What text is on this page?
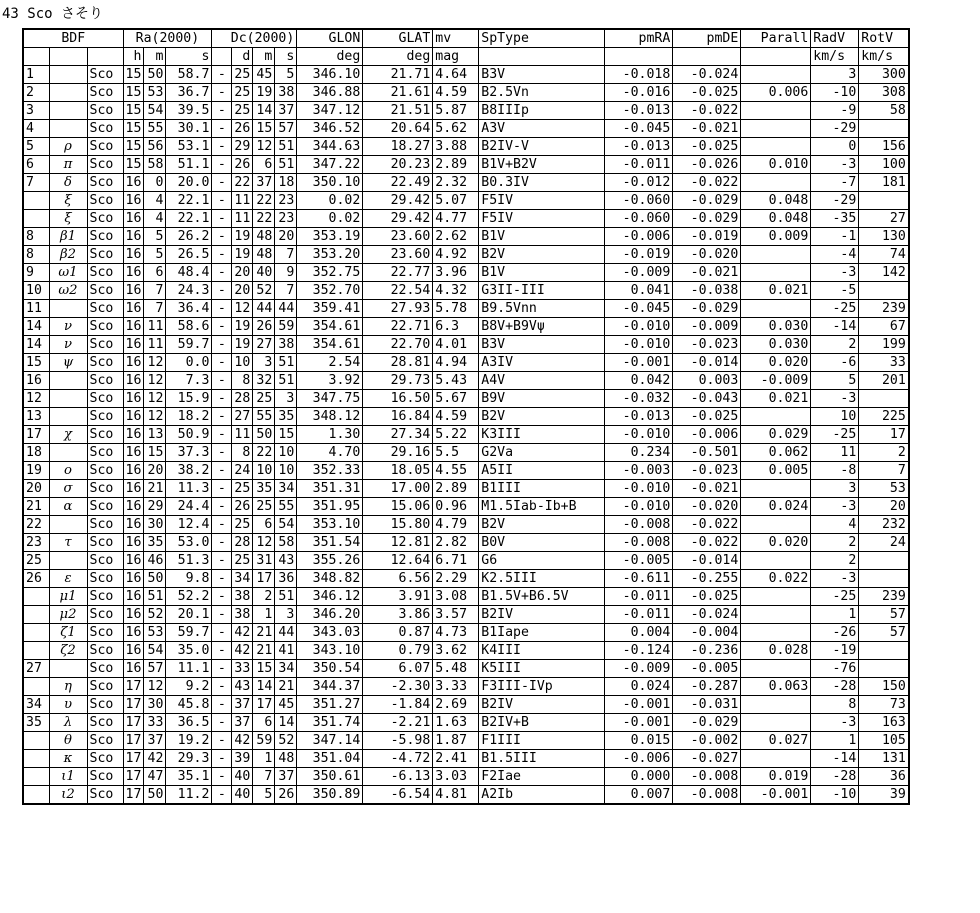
43 Sco さそり
BDF			Ra(2000)			Dc(2000)				GLON	GLAT	mv	SpType	pmRA	pmDE	Parall	RadV	RotV
			h	m	s		d	m	s	deg	deg	mag					km/s	km/s
1		Sco	15	50	58.7	-	25	45	5	346.10	21.71	4.64	B3V	-0.018	-0.024		3	300
2		Sco	15	53	36.7	-	25	19	38	346.88	21.61	4.59	B2.5Vn	-0.016	-0.025	0.006	-10	308
3		Sco	15	54	39.5	-	25	14	37	347.12	21.51	5.87	B8IIIp	-0.013	-0.022		-9	58
4		Sco	15	55	30.1	-	26	15	57	346.52	20.64	5.62	A3V	-0.045	-0.021		-29	
5	ρ	Sco	15	56	53.1	-	29	12	51	344.63	18.27	3.88	B2IV-V	-0.013	-0.025		0	156
6	π	Sco	15	58	51.1	-	26	6	51	347.22	20.23	2.89	B1V+B2V	-0.011	-0.026	0.010	-3	100
7	δ	Sco	16	0	20.0	-	22	37	18	350.10	22.49	2.32	B0.3IV	-0.012	-0.022		-7	181
	ξ	Sco	16	4	22.1	-	11	22	23	0.02	29.42	5.07	F5IV	-0.060	-0.029	0.048	-29	
	ξ	Sco	16	4	22.1	-	11	22	23	0.02	29.42	4.77	F5IV	-0.060	-0.029	0.048	-35	27
8	β1	Sco	16	5	26.2	-	19	48	20	353.19	23.60	2.62	B1V	-0.006	-0.019	0.009	-1	130
8	β2	Sco	16	5	26.5	-	19	48	7	353.20	23.60	4.92	B2V	-0.019	-0.020		-4	74
9	ω1	Sco	16	6	48.4	-	20	40	9	352.75	22.77	3.96	B1V	-0.009	-0.021		-3	142
10	ω2	Sco	16	7	24.3	-	20	52	7	352.70	22.54	4.32	G3II-III	0.041	-0.038	0.021	-5	
11		Sco	16	7	36.4	-	12	44	44	359.41	27.93	5.78	B9.5Vnn	-0.045	-0.029		-25	239
14	ν	Sco	16	11	58.6	-	19	26	59	354.61	22.71	6.3	B8V+B9Vψ	-0.010	-0.009	0.030	-14	67
14	ν	Sco	16	11	59.7	-	19	27	38	354.61	22.70	4.01	B3V	-0.010	-0.023	0.030	2	199
15	ψ	Sco	16	12	0.0	-	10	3	51	2.54	28.81	4.94	A3IV	-0.001	-0.014	0.020	-6	33
16		Sco	16	12	7.3	-	8	32	51	3.92	29.73	5.43	A4V	0.042	0.003	-0.009	5	201
12		Sco	16	12	15.9	-	28	25	3	347.75	16.50	5.67	B9V	-0.032	-0.043	0.021	-3	
13		Sco	16	12	18.2	-	27	55	35	348.12	16.84	4.59	B2V	-0.013	-0.025		10	225
17	χ	Sco	16	13	50.9	-	11	50	15	1.30	27.34	5.22	K3III	-0.010	-0.006	0.029	-25	17
18		Sco	16	15	37.3	-	8	22	10	4.70	29.16	5.5	G2Va	0.234	-0.501	0.062	11	2
19	ο	Sco	16	20	38.2	-	24	10	10	352.33	18.05	4.55	A5II	-0.003	-0.023	0.005	-8	7
20	σ	Sco	16	21	11.3	-	25	35	34	351.31	17.00	2.89	B1III	-0.010	-0.021		3	53
21	α	Sco	16	29	24.4	-	26	25	55	351.95	15.06	0.96	M1.5Iab-Ib+B	-0.010	-0.020	0.024	-3	20
22		Sco	16	30	12.4	-	25	6	54	353.10	15.80	4.79	B2V	-0.008	-0.022		4	232
23	τ	Sco	16	35	53.0	-	28	12	58	351.54	12.81	2.82	B0V	-0.008	-0.022	0.020	2	24
25		Sco	16	46	51.3	-	25	31	43	355.26	12.64	6.71	G6	-0.005	-0.014		2	
26	ε	Sco	16	50	9.8	-	34	17	36	348.82	6.56	2.29	K2.5III	-0.611	-0.255	0.022	-3	
	μ1	Sco	16	51	52.2	-	38	2	51	346.12	3.91	3.08	B1.5V+B6.5V	-0.011	-0.025		-25	239
	μ2	Sco	16	52	20.1	-	38	1	3	346.20	3.86	3.57	B2IV	-0.011	-0.024		1	57
	ζ1	Sco	16	53	59.7	-	42	21	44	343.03	0.87	4.73	B1Iape	0.004	-0.004		-26	57
	ζ2	Sco	16	54	35.0	-	42	21	41	343.10	0.79	3.62	K4III	-0.124	-0.236	0.028	-19	
27		Sco	16	57	11.1	-	33	15	34	350.54	6.07	5.48	K5III	-0.009	-0.005		-76	
	η	Sco	17	12	9.2	-	43	14	21	344.37	-2.30	3.33	F3III-IVp	0.024	-0.287	0.063	-28	150
34	υ	Sco	17	30	45.8	-	37	17	45	351.27	-1.84	2.69	B2IV	-0.001	-0.031		8	73
35	λ	Sco	17	33	36.5	-	37	6	14	351.74	-2.21	1.63	B2IV+B	-0.001	-0.029		-3	163
	θ	Sco	17	37	19.2	-	42	59	52	347.14	-5.98	1.87	F1III	0.015	-0.002	0.027	1	105
	κ	Sco	17	42	29.3	-	39	1	48	351.04	-4.72	2.41	B1.5III	-0.006	-0.027		-14	131
	ι1	Sco	17	47	35.1	-	40	7	37	350.61	-6.13	3.03	F2Iae	0.000	-0.008	0.019	-28	36
	ι2	Sco	17	50	11.2	-	40	5	26	350.89	-6.54	4.81	A2Ib	0.007	-0.008	-0.001	-10	39
